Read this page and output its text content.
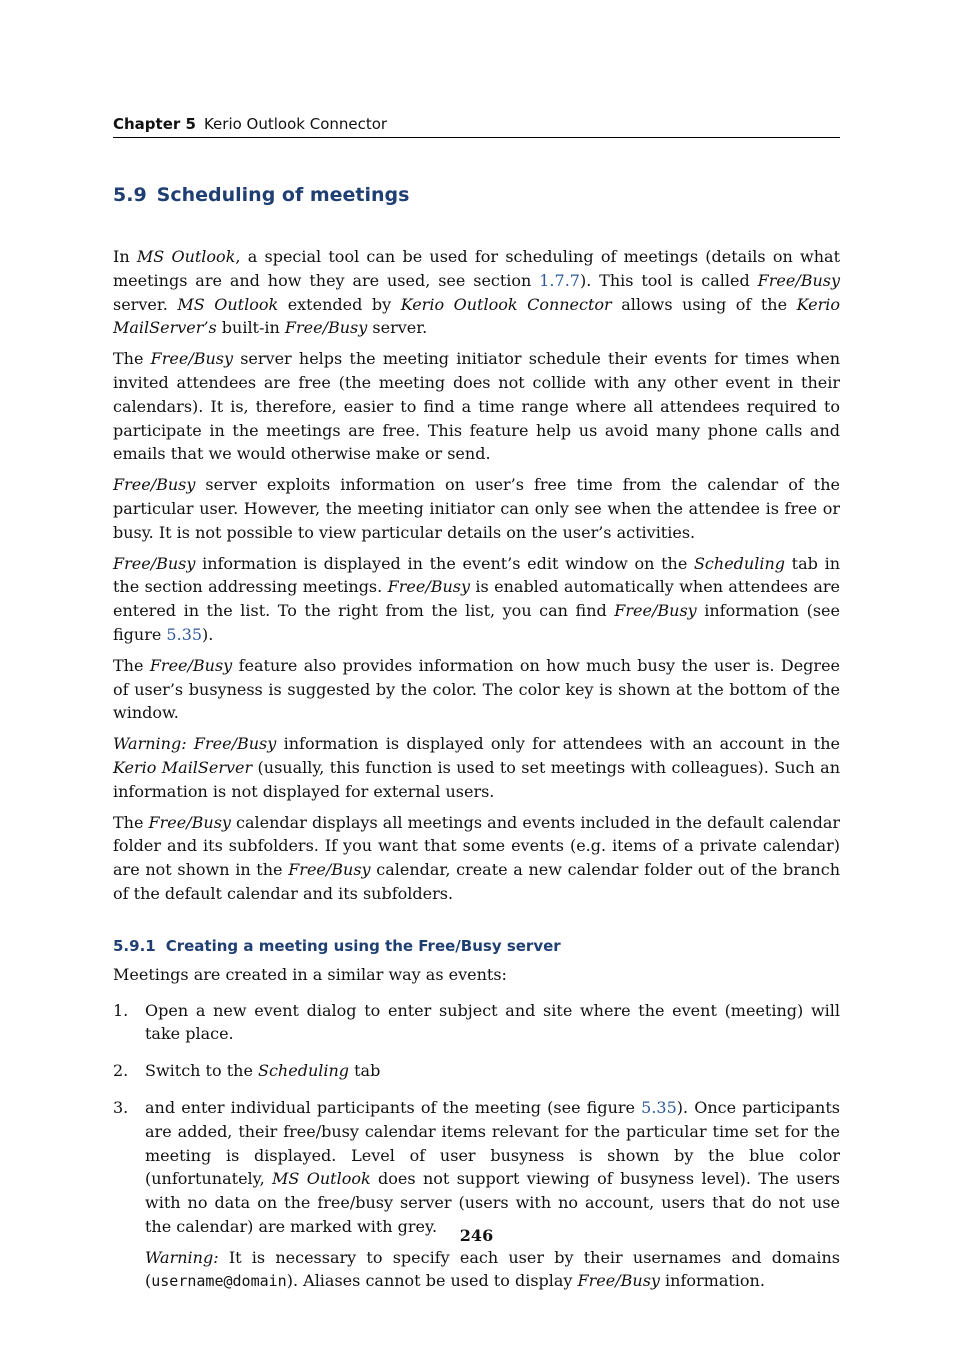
Chapter 5 Kerio Outlook Connector
5.9 Scheduling of meetings

In MS Outlook, a special tool can be used for scheduling of meetings (details on what meetings are and how they are used, see section 1.7.7). This tool is called Free/Busy server. MS Outlook extended by Kerio Outlook Connector allows using of the Kerio MailServer’s built-in Free/Busy server.

The Free/Busy server helps the meeting initiator schedule their events for times when invited attendees are free (the meeting does not collide with any other event in their calendars). It is, therefore, easier to find a time range where all attendees required to participate in the meetings are free. This feature help us avoid many phone calls and emails that we would otherwise make or send.

Free/Busy server exploits information on user’s free time from the calendar of the particular user. However, the meeting initiator can only see when the attendee is free or busy. It is not possible to view particular details on the user’s activities.

Free/Busy information is displayed in the event’s edit window on the Scheduling tab in the section addressing meetings. Free/Busy is enabled automatically when attendees are entered in the list. To the right from the list, you can find Free/Busy information (see figure 5.35).

The Free/Busy feature also provides information on how much busy the user is. Degree of user’s busyness is suggested by the color. The color key is shown at the bottom of the window.

Warning: Free/Busy information is displayed only for attendees with an account in the Kerio MailServer (usually, this function is used to set meetings with colleagues). Such an information is not displayed for external users.

The Free/Busy calendar displays all meetings and events included in the default calendar folder and its subfolders. If you want that some events (e.g. items of a private calendar) are not shown in the Free/Busy calendar, create a new calendar folder out of the branch of the default calendar and its subfolders.

5.9.1 Creating a meeting using the Free/Busy server

Meetings are created in a similar way as events:

1. Open a new event dialog to enter subject and site where the event (meeting) will take place.

2. Switch to the Scheduling tab

3. and enter individual participants of the meeting (see figure 5.35). Once participants are added, their free/busy calendar items relevant for the particular time set for the meeting is displayed. Level of user busyness is shown by the blue color (unfortunately, MS Outlook does not support viewing of busyness level). The users with no data on the free/busy server (users with no account, users that do not use the calendar) are marked with grey.

Warning: It is necessary to specify each user by their usernames and domains (username@domain). Aliases cannot be used to display Free/Busy information.

246
